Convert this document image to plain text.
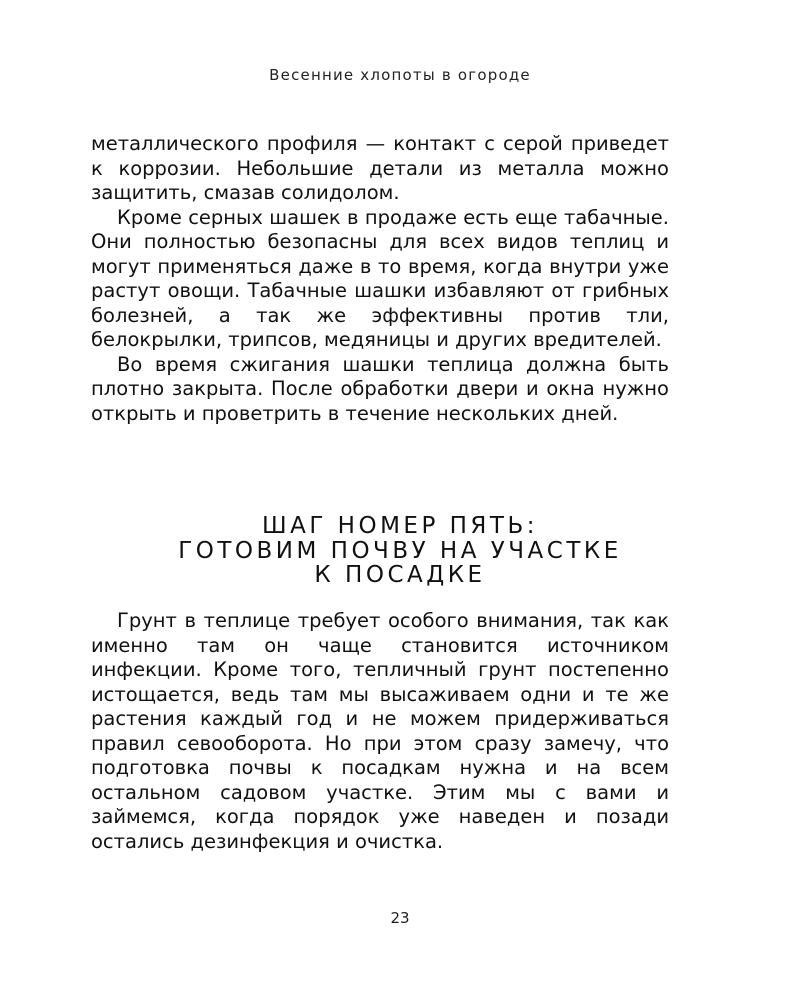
Весенние хлопоты в огороде

металлического профиля — контакт с серой приведет к коррозии. Небольшие детали из металла можно защитить, смазав солидолом.

Кроме серных шашек в продаже есть еще табачные. Они полностью безопасны для всех видов теплиц и могут применяться даже в то время, когда внутри уже растут овощи. Табачные шашки избавляют от грибных болезней, а так же эффективны против тли, белокрылки, трипсов, медяницы и других вредителей.

Во время сжигания шашки теплица должна быть плотно закрыта. После обработки двери и окна нужно открыть и проветрить в течение нескольких дней.

ШАГ НОМЕР ПЯТЬ:
ГОТОВИМ ПОЧВУ НА УЧАСТКЕ
К ПОСАДКЕ

Грунт в теплице требует особого внимания, так как именно там он чаще становится источником инфекции. Кроме того, тепличный грунт постепенно истощается, ведь там мы высаживаем одни и те же растения каждый год и не можем придерживаться правил севооборота. Но при этом сразу замечу, что подготовка почвы к посадкам нужна и на всем остальном садовом участке. Этим мы с вами и займемся, когда порядок уже наведен и позади остались дезинфекция и очистка.

23
